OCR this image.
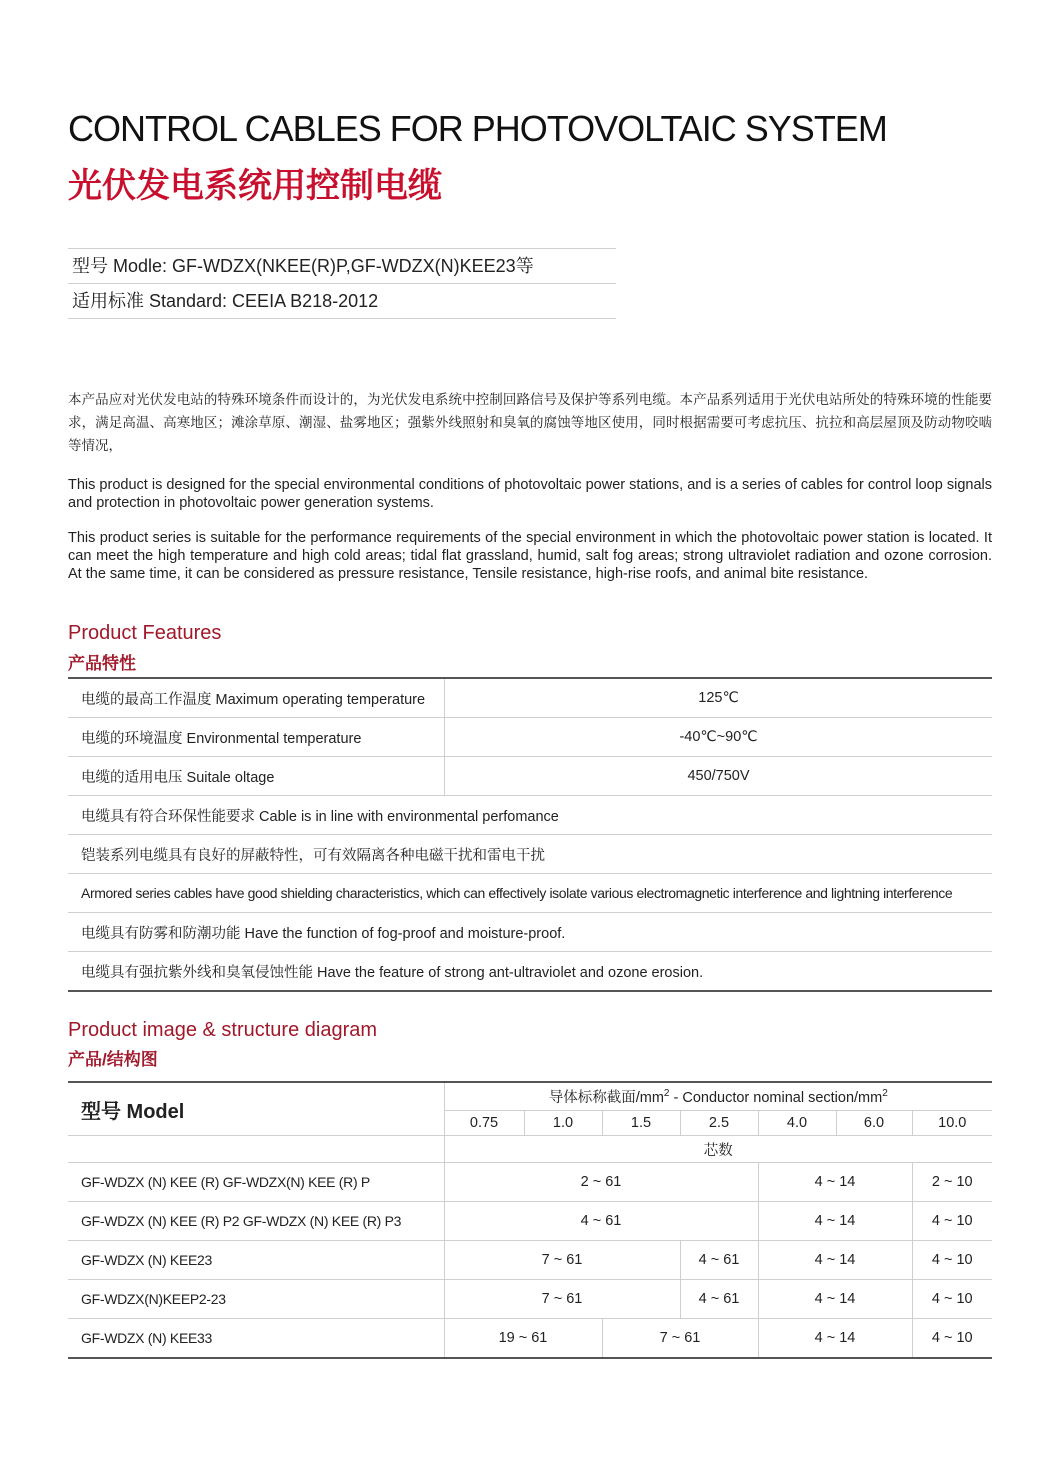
CONTROL CABLES FOR PHOTOVOLTAIC SYSTEM
光伏发电系统用控制电缆
型号 Modle: GF-WDZX(NKEE(R)P,GF-WDZX(N)KEE23等
适用标准 Standard: CEEIA B218-2012
本产品应对光伏发电站的特殊环境条件而设计的，为光伏发电系统中控制回路信号及保护等系列电缆。本产品系列适用于光伏电站所处的特殊环境的性能要求，满足高温、高寒地区；滩涂草原、潮湿、盐雾地区；强紫外线照射和臭氧的腐蚀等地区使用，同时根据需要可考虑抗压、抗拉和高层屋顶及防动物咬啮等情况，
This product is designed for the special environmental conditions of photovoltaic power stations, and is a series of cables for control loop signals and protection in photovoltaic power generation systems.
This product series is suitable for the performance requirements of the special environment in which the photovoltaic power station is located. It can meet the high temperature and high cold areas; tidal flat grassland, humid, salt fog areas; strong ultraviolet radiation and ozone corrosion. At the same time, it can be considered as pressure resistance, Tensile resistance, high-rise roofs, and animal bite resistance.
Product Features
产品特性
电缆的最高工作温度 Maximum operating temperature	125℃
电缆的环境温度 Environmental temperature	-40℃~90℃
电缆的适用电压 Suitale oltage	450/750V
电缆具有符合环保性能要求 Cable is in line with environmental perfomance	
铠装系列电缆具有良好的屏蔽特性，可有效隔离各种电磁干扰和雷电干扰	
Armored series cables have good shielding characteristics, which can effectively isolate various electromagnetic interference and lightning interference	
电缆具有防雾和防潮功能 Have the function of fog-proof and moisture-proof.	
电缆具有强抗紫外线和臭氧侵蚀性能 Have the feature of strong ant-ultraviolet and ozone erosion.	
Product image & structure diagram
产品/结构图
型号 Model	导体标称截面$/mm^2$ - Conductor nominal section/$mm^2$
	0.75	1.0	1.5	2.5	4.0	6.0	10.0
	芯数						
GF-WDZX (N) KEE (R) GF-WDZX(N) KEE (R) P	2 ~ 61				4 ~ 14		2 ~ 10
GF-WDZX (N) KEE (R) P2 GF-WDZX (N) KEE (R) P3	4 ~ 61				4 ~ 14		4 ~ 10
GF-WDZX (N) KEE23	7 ~ 61			4 ~ 61	4 ~ 14		4 ~ 10
GF-WDZX(N)KEEP2-23	7 ~ 61			4 ~ 61	4 ~ 14		4 ~ 10
GF-WDZX (N) KEE33	19 ~ 61		7 ~ 61		4 ~ 14		4 ~ 10
